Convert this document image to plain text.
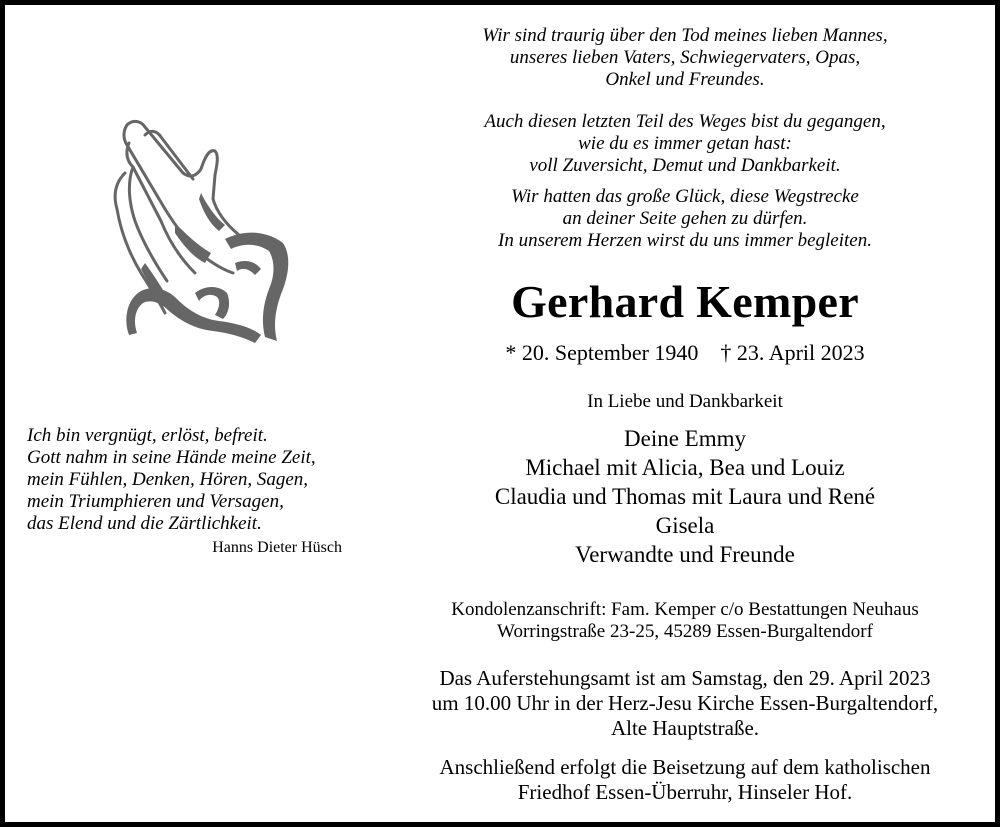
Ich bin vergnügt, erlöst, befreit.
Gott nahm in seine Hände meine Zeit,
mein Fühlen, Denken, Hören, Sagen,
mein Triumphieren und Versagen,
das Elend und die Zärtlichkeit.
Hanns Dieter Hüsch
Wir sind traurig über den Tod meines lieben Mannes,
unseres lieben Vaters, Schwiegervaters, Opas,
Onkel und Freundes.
Auch diesen letzten Teil des Weges bist du gegangen,
wie du es immer getan hast:
voll Zuversicht, Demut und Dankbarkeit.
Wir hatten das große Glück, diese Wegstrecke
an deiner Seite gehen zu dürfen.
In unserem Herzen wirst du uns immer begleiten.
Gerhard Kemper
* 20. September 1940 † 23. April 2023
In Liebe und Dankbarkeit
Deine Emmy
Michael mit Alicia, Bea und Louiz
Claudia und Thomas mit Laura und René
Gisela
Verwandte und Freunde
Kondolenzanschrift: Fam. Kemper c/o Bestattungen Neuhaus
Worringstraße 23-25, 45289 Essen-Burgaltendorf
Das Auferstehungsamt ist am Samstag, den 29. April 2023
um 10.00 Uhr in der Herz-Jesu Kirche Essen-Burgaltendorf,
Alte Hauptstraße.
Anschließend erfolgt die Beisetzung auf dem katholischen
Friedhof Essen-Überruhr, Hinseler Hof.
